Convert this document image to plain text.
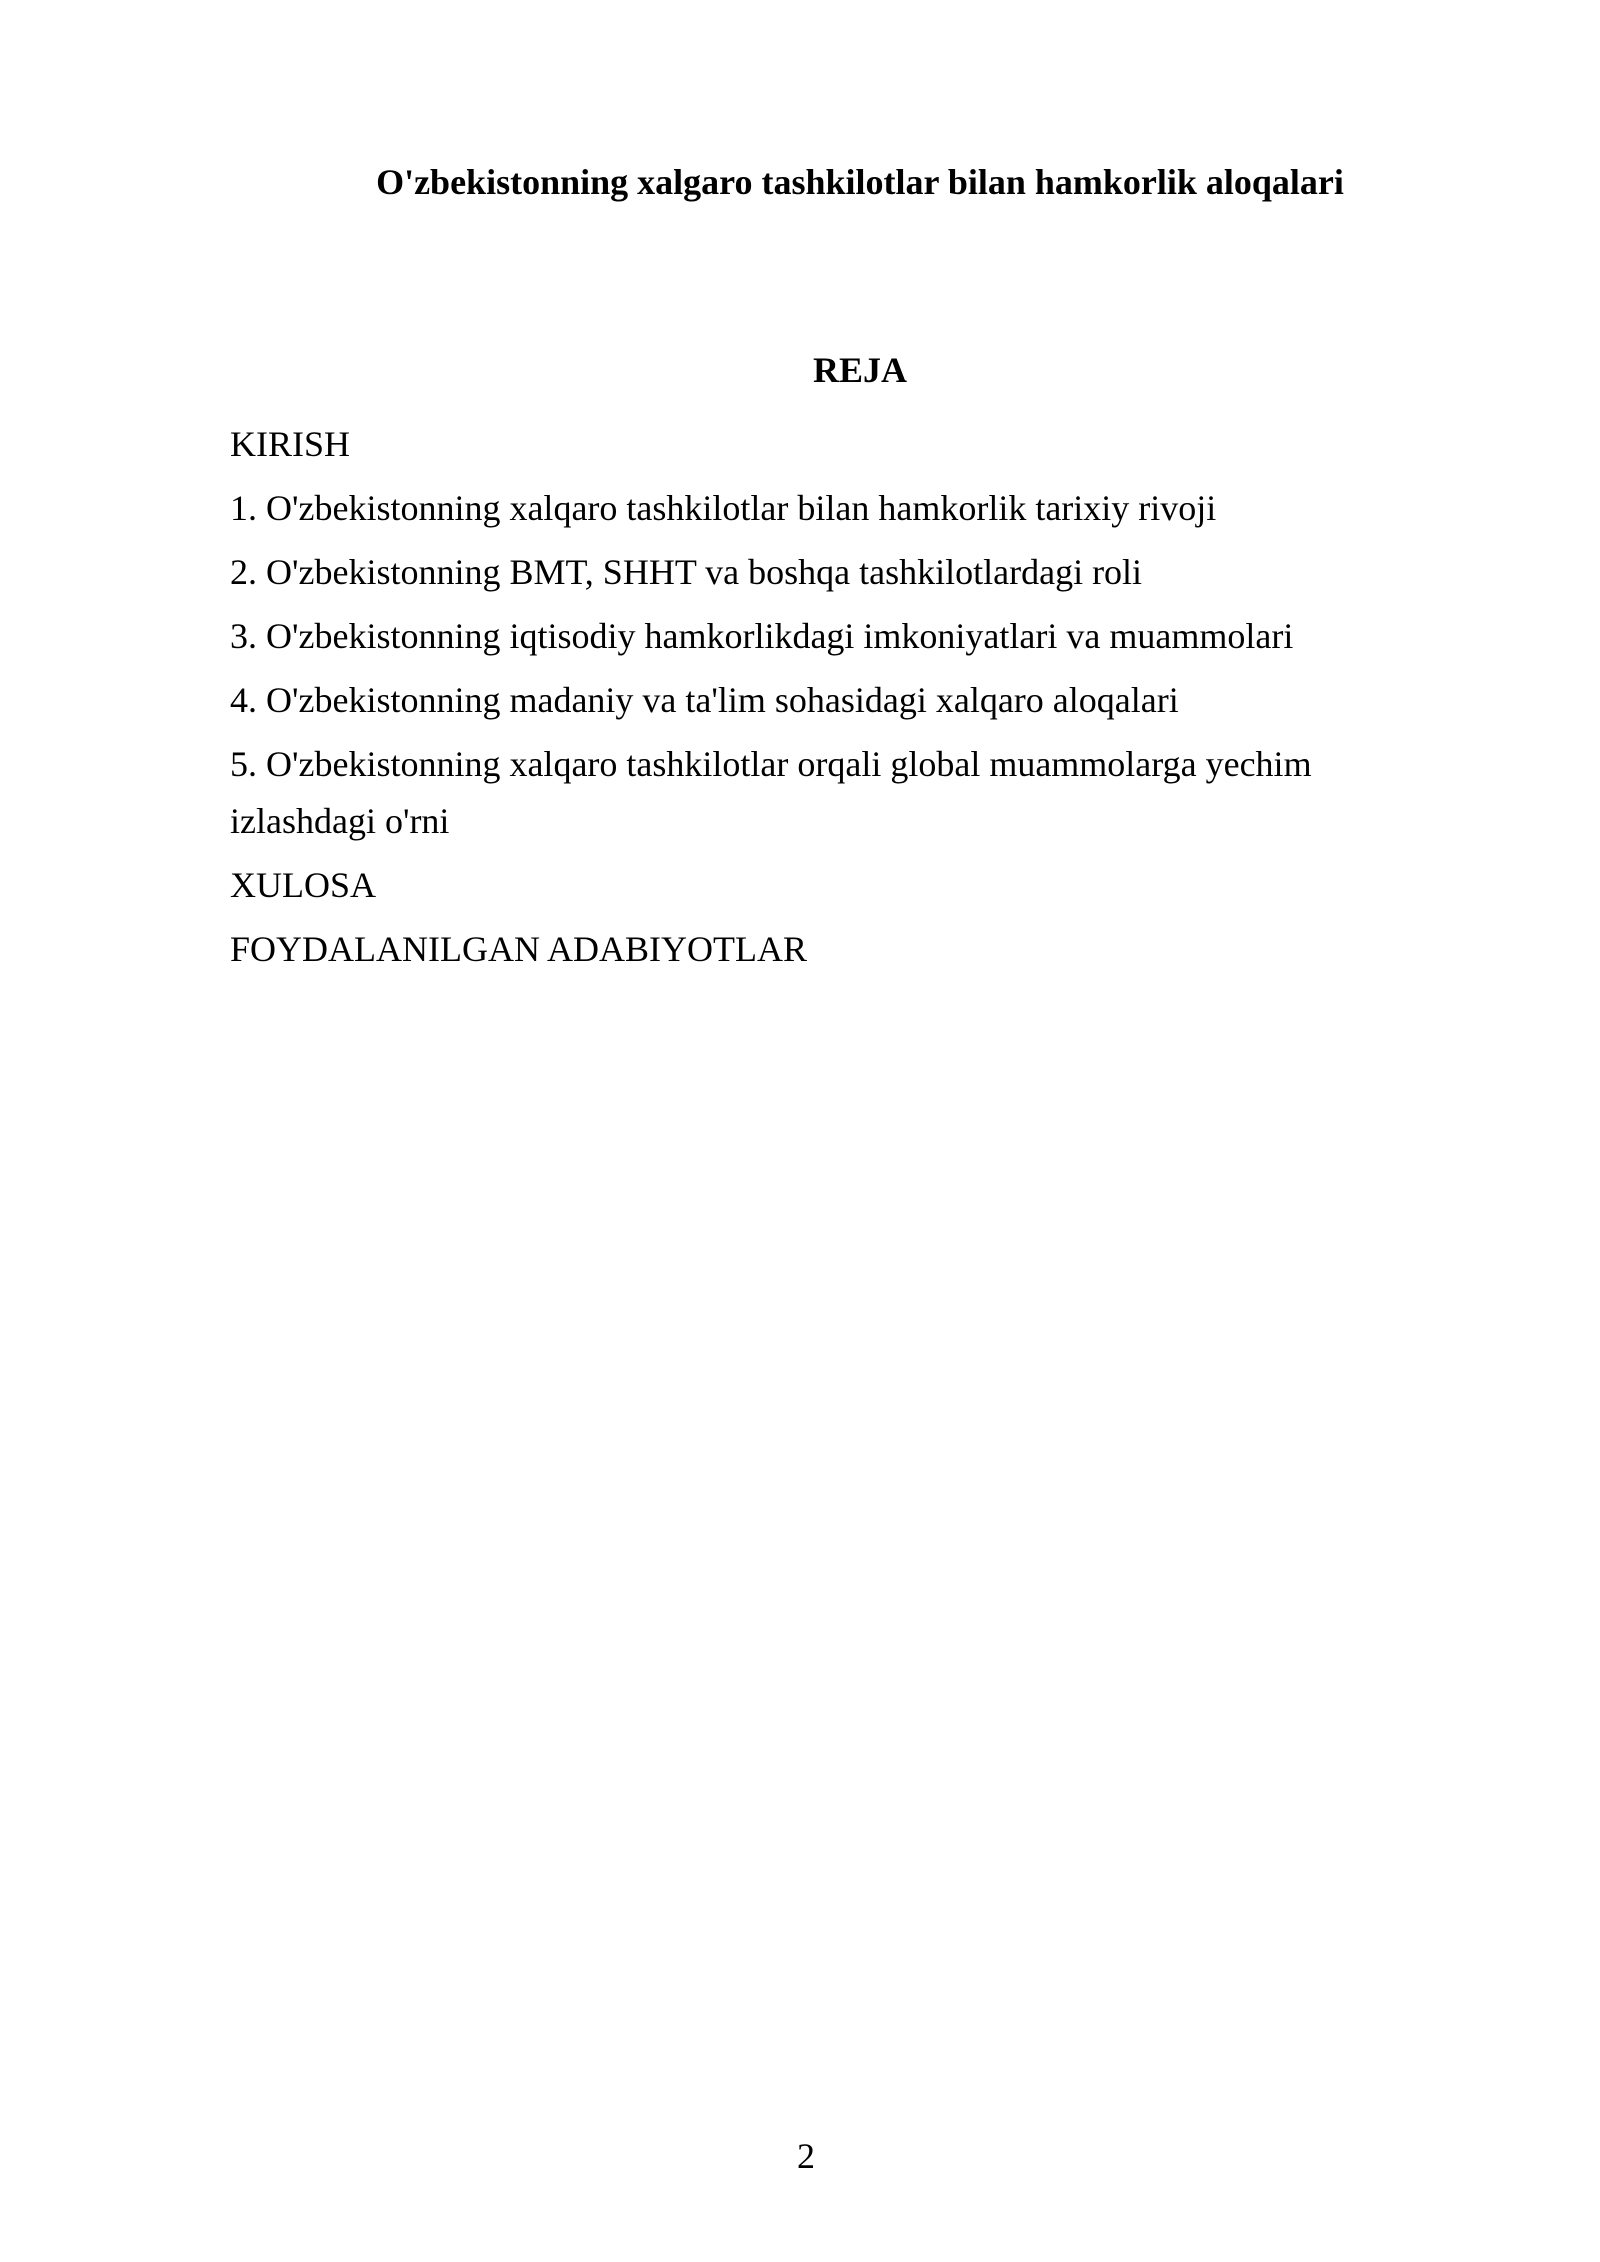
O'zbekistonning xalgaro tashkilotlar bilan hamkorlik aloqalari
REJA
KIRISH
1. O'zbekistonning xalqaro tashkilotlar bilan hamkorlik tarixiy rivoji
2. O'zbekistonning BMT, SHHT va boshqa tashkilotlardagi roli
3. O'zbekistonning iqtisodiy hamkorlikdagi imkoniyatlari va muammolari
4. O'zbekistonning madaniy va ta'lim sohasidagi xalqaro aloqalari
5. O'zbekistonning xalqaro tashkilotlar orqali global muammolarga yechim izlashdagi o'rni
XULOSA
FOYDALANILGAN ADABIYOTLAR
2
